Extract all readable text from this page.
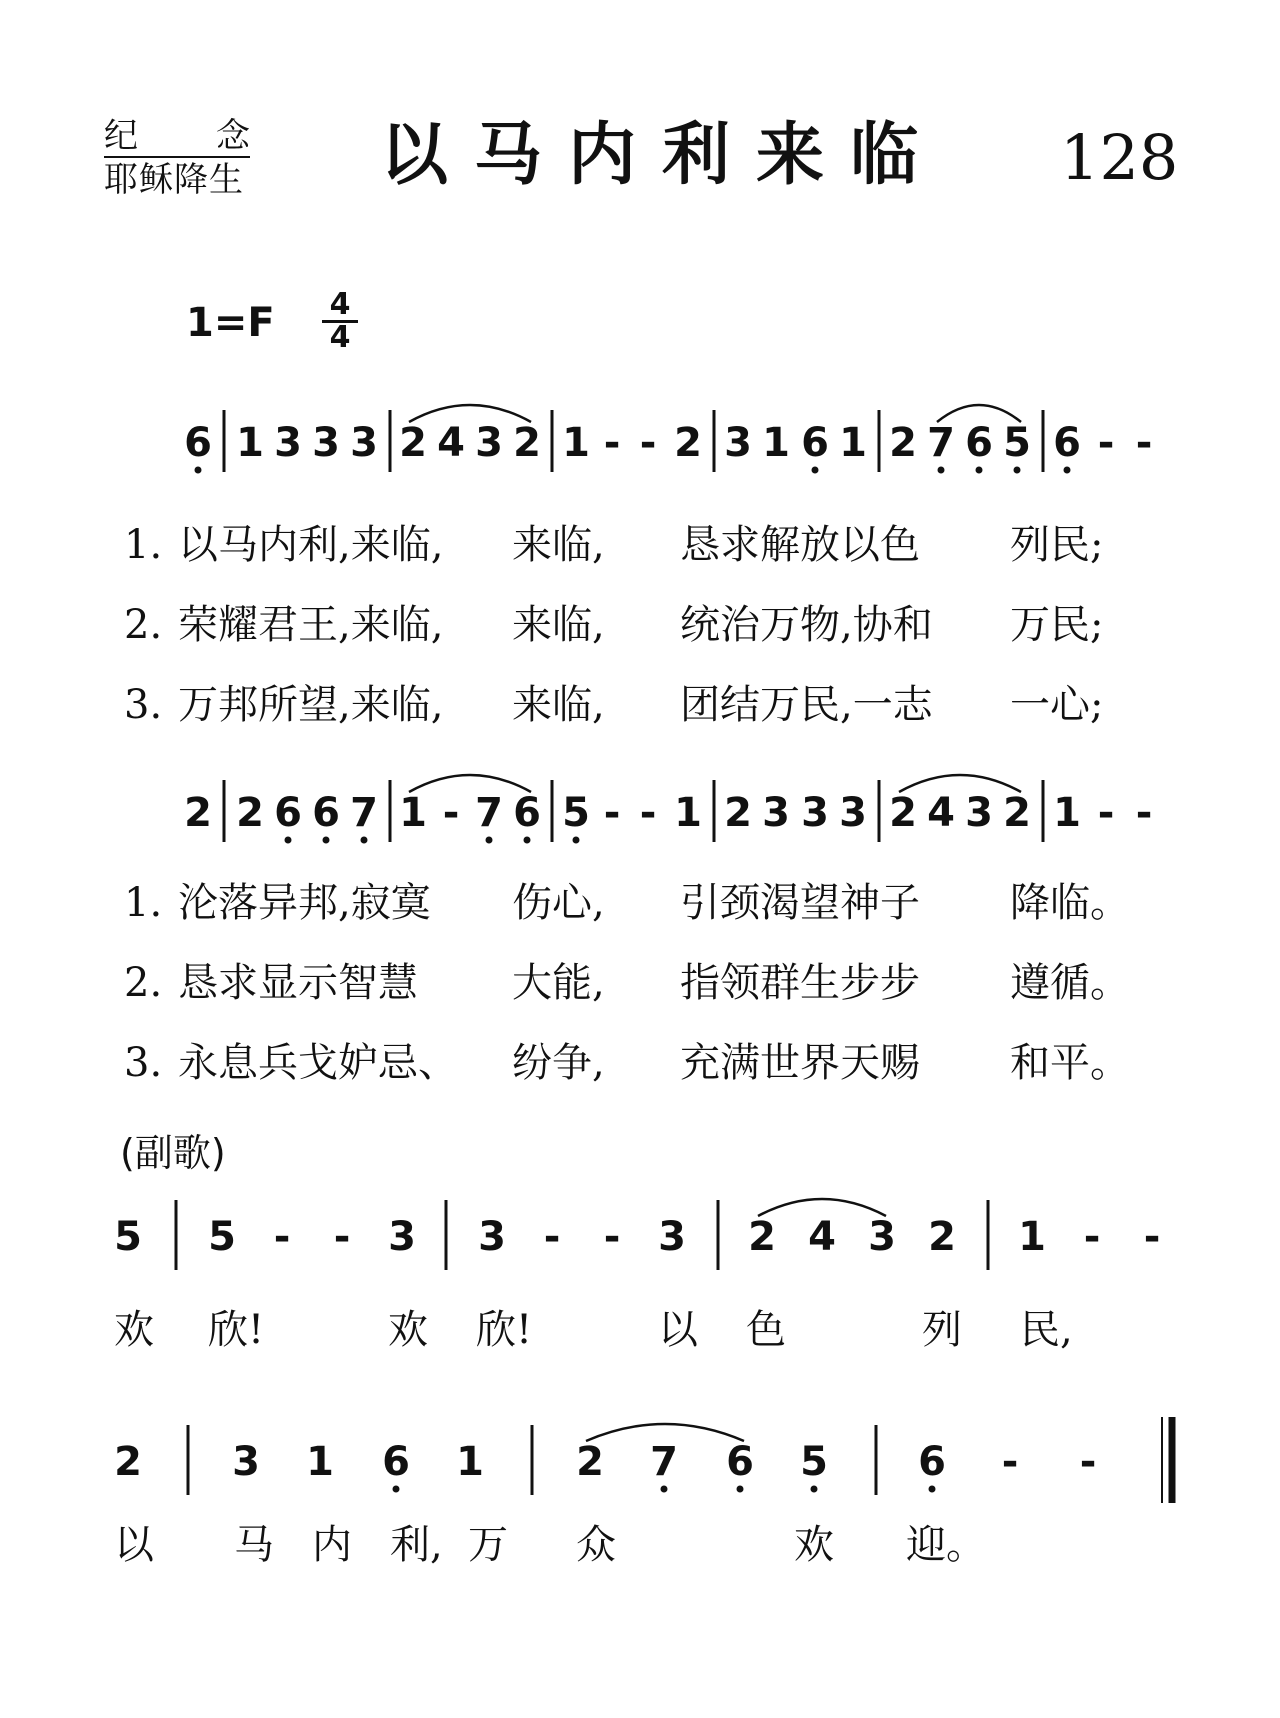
纪 念
耶稣降生 以马内利来临 128
1=F 4
4
6 1 3 3 3 2 4 3 2 1 - - 2 3 1 6 1 2 7 6 5 6 - -
1. 以马内利,来临, 来临, 恳求解放以色 列民;
2. 荣耀君王,来临, 来临, 统治万物,协和 万民;
3. 万邦所望,来临, 来临, 团结万民,一志 一心;
2 2 6 6 7 1 - 7 6 5 - - 1 2 3 3 3 2 4 3 2 1 - -
1. 沦落异邦,寂寞 伤心, 引颈渴望神子 降临。
2. 恳求显示智慧 大能, 指领群生步步 遵循。
3. 永息兵戈妒忌、 纷争, 充满世界天赐 和平。
(副歌)
5 5 - - 3 3 - - 3 2 4 3 2 1 - -
欢 欣!	欢 欣!	以 色	列 民,
2 3 1 6 1 2 7 6 5 6 - -
以 马 内 利, 万 众	欢 迎。
